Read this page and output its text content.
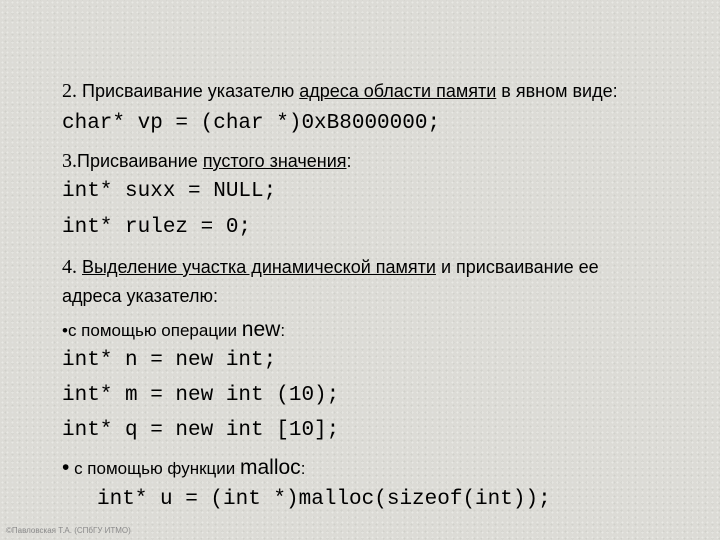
2. Присваивание указателю адреса области памяти в явном виде:
char* vp = (char *)0xB8000000;
3.Присваивание пустого значения:
int* suxx = NULL;
int* rulez = 0;
4. Выделение участка динамической памяти и присваивание ее
адреса указателю:
•с помощью операции new:
int* n = new int;
int* m = new int (10);
int* q = new int [10];
• с помощью функции malloc:
int* u = (int *)malloc(sizeof(int));
©Павловская Т.А. (СПбГУ ИТМО)
